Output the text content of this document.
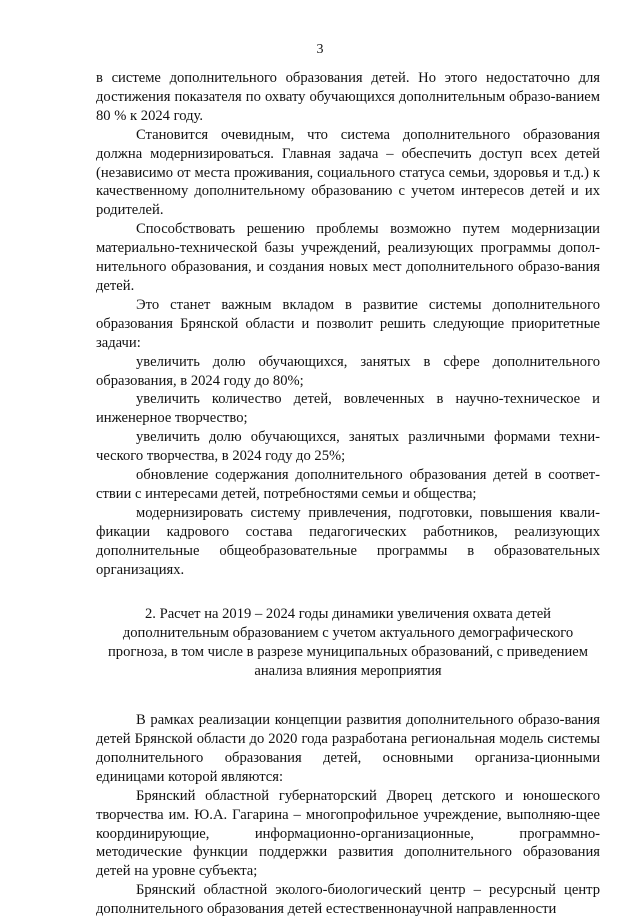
3

в системе дополнительного образования детей. Но этого недостаточно для достижения показателя по охвату обучающихся дополнительным образо-ванием 80 % к 2024 году.

Становится очевидным, что система дополнительного образования должна модернизироваться. Главная задача – обеспечить доступ всех детей (независимо от места проживания, социального статуса семьи, здоровья и т.д.) к качественному дополнительному образованию с учетом интересов детей и их родителей.

Способствовать решению проблемы возможно путем модернизации материально-технической базы учреждений, реализующих программы допол-нительного образования, и создания новых мест дополнительного образо-вания детей.

Это станет важным вкладом в развитие системы дополнительного образования Брянской области и позволит решить следующие приоритетные задачи:

увеличить долю обучающихся, занятых в сфере дополнительного образования, в 2024 году до 80%;

увеличить количество детей, вовлеченных в научно-техническое и инженерное творчество;

увеличить долю обучающихся, занятых различными формами техни-ческого творчества, в 2024 году до 25%;

обновление содержания дополнительного образования детей в соответ-ствии с интересами детей, потребностями семьи и общества;

модернизировать систему привлечения, подготовки, повышения квали-фикации кадрового состава педагогических работников, реализующих дополнительные общеобразовательные программы в образовательных организациях.

2. Расчет на 2019 – 2024 годы динамики увеличения охвата детей дополнительным образованием с учетом актуального демографического прогноза, в том числе в разрезе муниципальных образований, с приведением анализа влияния мероприятия

В рамках реализации концепции развития дополнительного образо-вания детей Брянской области до 2020 года разработана региональная модель системы дополнительного образования детей, основными организа-ционными единицами которой являются:

Брянский областной губернаторский Дворец детского и юношеского творчества им. Ю.А. Гагарина – многопрофильное учреждение, выполняю-щее координирующие, информационно-организационные, программно-методические функции поддержки развития дополнительного образования детей на уровне субъекта;

Брянский областной эколого-биологический центр – ресурсный центр дополнительного образования детей естественнонаучной направленности
